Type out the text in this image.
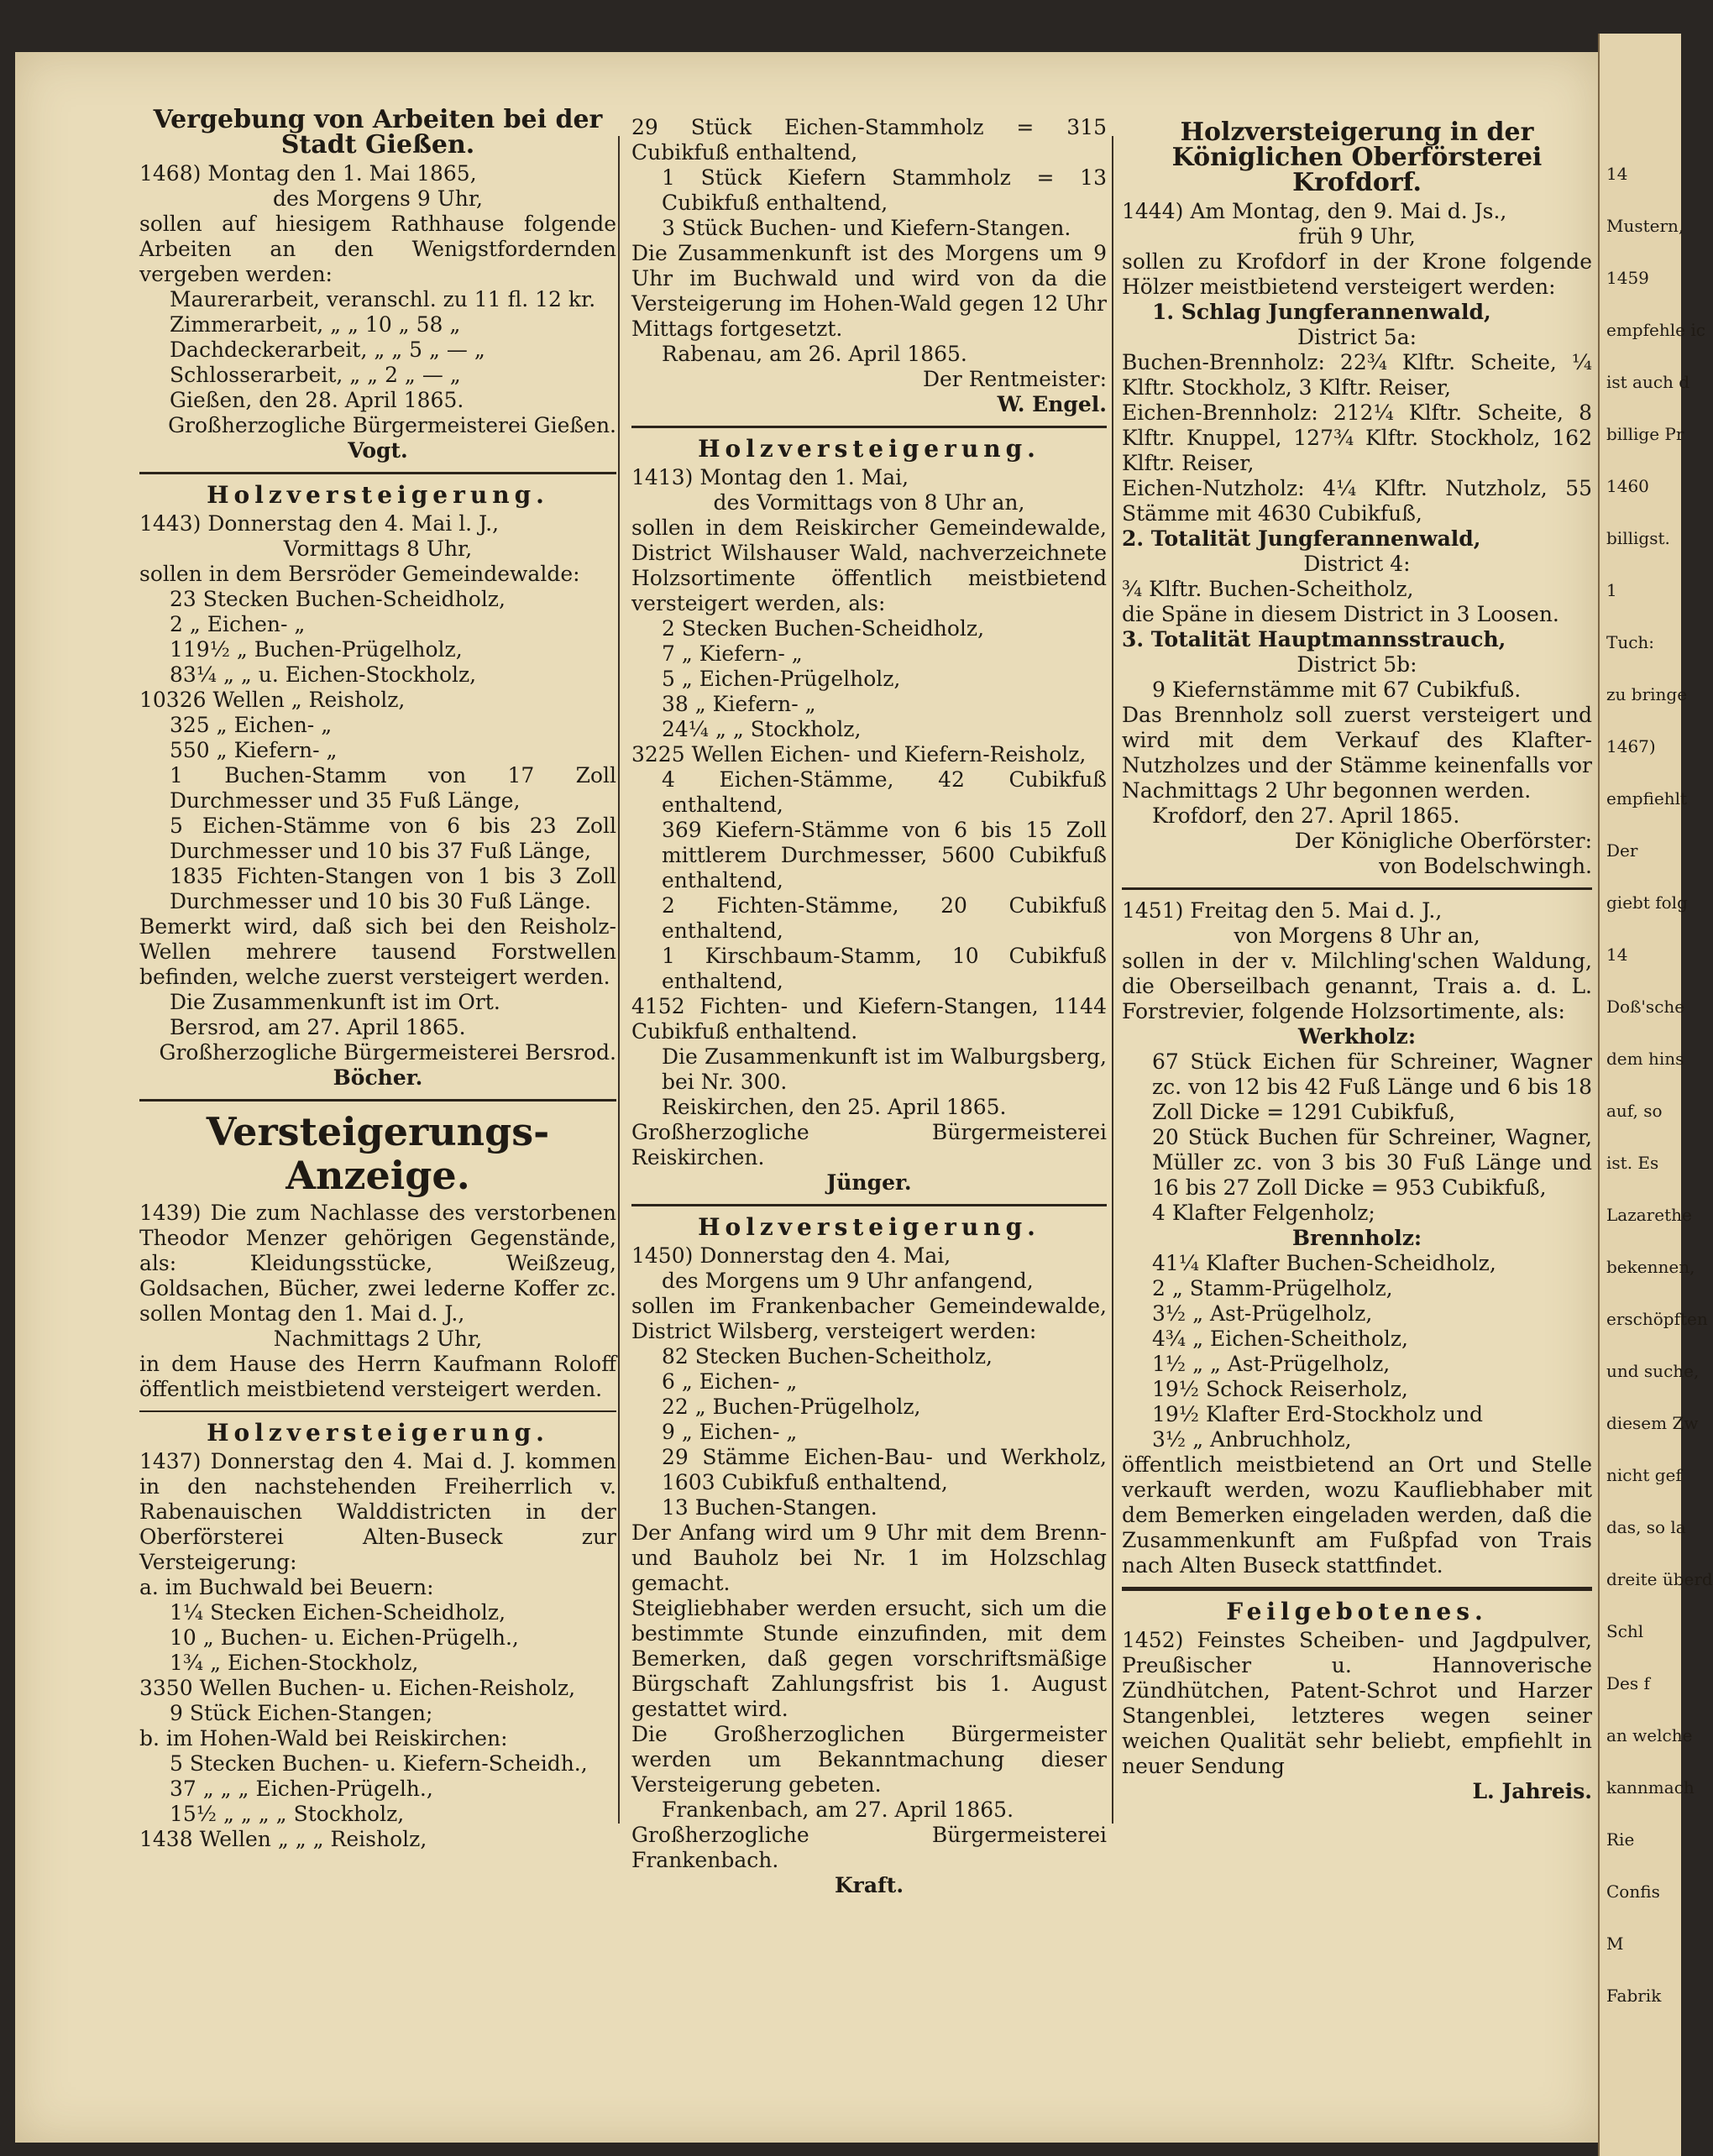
Vergebung von Arbeiten bei der Stadt Gießen.

1468) Montag den 1. Mai 1865,

des Morgens 9 Uhr,

sollen auf hiesigem Rathhause folgende Arbeiten an den Wenigstfordernden vergeben werden:

Maurerarbeit, veranschl. zu 11 fl. 12 kr.

Zimmerarbeit, „ „ 10 „ 58 „

Dachdeckerarbeit, „ „ 5 „ — „

Schlosserarbeit, „ „ 2 „ — „

Gießen, den 28. April 1865.

Großherzogliche Bürgermeisterei Gießen.

Vogt.

Holzversteigerung.

1443) Donnerstag den 4. Mai l. J.,

Vormittags 8 Uhr,

sollen in dem Bersröder Gemeindewalde:

23 Stecken Buchen-Scheidholz,

2 „ Eichen- „

119½ „ Buchen-Prügelholz,

83¼ „ „ u. Eichen-Stockholz,

10326 Wellen „ Reisholz,

325 „ Eichen- „

550 „ Kiefern- „

1 Buchen-Stamm von 17 Zoll Durchmesser und 35 Fuß Länge,

5 Eichen-Stämme von 6 bis 23 Zoll Durchmesser und 10 bis 37 Fuß Länge,

1835 Fichten-Stangen von 1 bis 3 Zoll Durchmesser und 10 bis 30 Fuß Länge.

Bemerkt wird, daß sich bei den Reisholz-Wellen mehrere tausend Forstwellen befinden, welche zuerst versteigert werden.

Die Zusammenkunft ist im Ort.

Bersrod, am 27. April 1865.

Großherzogliche Bürgermeisterei Bersrod.

Böcher.

Versteigerungs-Anzeige.

1439) Die zum Nachlasse des verstorbenen Theodor Menzer gehörigen Gegenstände, als: Kleidungsstücke, Weißzeug, Goldsachen, Bücher, zwei lederne Koffer zc. sollen Montag den 1. Mai d. J.,

Nachmittags 2 Uhr,

in dem Hause des Herrn Kaufmann Roloff öffentlich meistbietend versteigert werden.

Holzversteigerung.

1437) Donnerstag den 4. Mai d. J. kommen in den nachstehenden Freiherrlich v. Rabenauischen Walddistricten in der Oberförsterei Alten-Buseck zur Versteigerung:

a. im Buchwald bei Beuern:

1¼ Stecken Eichen-Scheidholz,

10 „ Buchen- u. Eichen-Prügelh.,

1¾ „ Eichen-Stockholz,

3350 Wellen Buchen- u. Eichen-Reisholz,

9 Stück Eichen-Stangen;

b. im Hohen-Wald bei Reiskirchen:

5 Stecken Buchen- u. Kiefern-Scheidh.,

37 „ „ „ Eichen-Prügelh.,

15½ „ „ „ „ Stockholz,

1438 Wellen „ „ „ Reisholz,

29 Stück Eichen-Stammholz = 315 Cubikfuß enthaltend,

1 Stück Kiefern Stammholz = 13 Cubikfuß enthaltend,

3 Stück Buchen- und Kiefern-Stangen.

Die Zusammenkunft ist des Morgens um 9 Uhr im Buchwald und wird von da die Versteigerung im Hohen-Wald gegen 12 Uhr Mittags fortgesetzt.

Rabenau, am 26. April 1865.

Der Rentmeister:

W. Engel.

Holzversteigerung.

1413) Montag den 1. Mai,

des Vormittags von 8 Uhr an,

sollen in dem Reiskircher Gemeindewalde, District Wilshauser Wald, nachverzeichnete Holzsortimente öffentlich meistbietend versteigert werden, als:

2 Stecken Buchen-Scheidholz,

7 „ Kiefern- „

5 „ Eichen-Prügelholz,

38 „ Kiefern- „

24¼ „ „ Stockholz,

3225 Wellen Eichen- und Kiefern-Reisholz,

4 Eichen-Stämme, 42 Cubikfuß enthaltend,

369 Kiefern-Stämme von 6 bis 15 Zoll mittlerem Durchmesser, 5600 Cubikfuß enthaltend,

2 Fichten-Stämme, 20 Cubikfuß enthaltend,

1 Kirschbaum-Stamm, 10 Cubikfuß enthaltend,

4152 Fichten- und Kiefern-Stangen, 1144 Cubikfuß enthaltend.

Die Zusammenkunft ist im Walburgsberg, bei Nr. 300.

Reiskirchen, den 25. April 1865.

Großherzogliche Bürgermeisterei Reiskirchen.

Jünger.

Holzversteigerung.

1450) Donnerstag den 4. Mai,

des Morgens um 9 Uhr anfangend,

sollen im Frankenbacher Gemeindewalde, District Wilsberg, versteigert werden:

82 Stecken Buchen-Scheitholz,

6 „ Eichen- „

22 „ Buchen-Prügelholz,

9 „ Eichen- „

29 Stämme Eichen-Bau- und Werkholz, 1603 Cubikfuß enthaltend,

13 Buchen-Stangen.

Der Anfang wird um 9 Uhr mit dem Brenn- und Bauholz bei Nr. 1 im Holzschlag gemacht.

Steigliebhaber werden ersucht, sich um die bestimmte Stunde einzufinden, mit dem Bemerken, daß gegen vorschriftsmäßige Bürgschaft Zahlungsfrist bis 1. August gestattet wird.

Die Großherzoglichen Bürgermeister werden um Bekanntmachung dieser Versteigerung gebeten.

Frankenbach, am 27. April 1865.

Großherzogliche Bürgermeisterei Frankenbach.

Kraft.

Holzversteigerung in der Königlichen Oberförsterei Krofdorf.

1444) Am Montag, den 9. Mai d. Js.,

früh 9 Uhr,

sollen zu Krofdorf in der Krone folgende Hölzer meistbietend versteigert werden:

1. Schlag Jungferannenwald,

District 5a:

Buchen-Brennholz: 22¾ Klftr. Scheite, ¼ Klftr. Stockholz, 3 Klftr. Reiser,

Eichen-Brennholz: 212¼ Klftr. Scheite, 8 Klftr. Knuppel, 127¾ Klftr. Stockholz, 162 Klftr. Reiser,

Eichen-Nutzholz: 4¼ Klftr. Nutzholz, 55 Stämme mit 4630 Cubikfuß,

2. Totalität Jungferannenwald,

District 4:

¾ Klftr. Buchen-Scheitholz,

die Späne in diesem District in 3 Loosen.

3. Totalität Hauptmannsstrauch,

District 5b:

9 Kiefernstämme mit 67 Cubikfuß.

Das Brennholz soll zuerst versteigert und wird mit dem Verkauf des Klafter-Nutzholzes und der Stämme keinenfalls vor Nachmittags 2 Uhr begonnen werden.

Krofdorf, den 27. April 1865.

Der Königliche Oberförster:

von Bodelschwingh.

1451) Freitag den 5. Mai d. J.,

von Morgens 8 Uhr an,

sollen in der v. Milchling'schen Waldung, die Oberseilbach genannt, Trais a. d. L. Forstrevier, folgende Holzsortimente, als:

Werkholz:

67 Stück Eichen für Schreiner, Wagner zc. von 12 bis 42 Fuß Länge und 6 bis 18 Zoll Dicke = 1291 Cubikfuß,

20 Stück Buchen für Schreiner, Wagner, Müller zc. von 3 bis 30 Fuß Länge und 16 bis 27 Zoll Dicke = 953 Cubikfuß,

4 Klafter Felgenholz;

Brennholz:

41¼ Klafter Buchen-Scheidholz,

2 „ Stamm-Prügelholz,

3½ „ Ast-Prügelholz,

4¾ „ Eichen-Scheitholz,

1½ „ „ Ast-Prügelholz,

19½ Schock Reiserholz,

19½ Klafter Erd-Stockholz und

3½ „ Anbruchholz,

öffentlich meistbietend an Ort und Stelle verkauft werden, wozu Kaufliebhaber mit dem Bemerken eingeladen werden, daß die Zusammenkunft am Fußpfad von Trais nach Alten Buseck stattfindet.

Feilgebotenes.

1452) Feinstes Scheiben- und Jagdpulver, Preußischer u. Hannoverische Zündhütchen, Patent-Schrot und Harzer Stangenblei, letzteres wegen seiner weichen Qualität sehr beliebt, empfiehlt in neuer Sendung

L. Jahreis.

14
Mustern,
1459
empfehle ic
ist auch d
billige Pr
1460
billigst.
1
Tuch:
zu bringe
1467)
empfiehlt
Der
giebt folg
14
Doß'sche
dem hins
auf, so
ist. Es
Lazarethe
bekennen,
erschöpften
und suche,
diesem Zw
nicht gef
das, so la
dreite überd
Schl
Des f
an welche
kannmach
Rie
Confis
M
Fabrik
